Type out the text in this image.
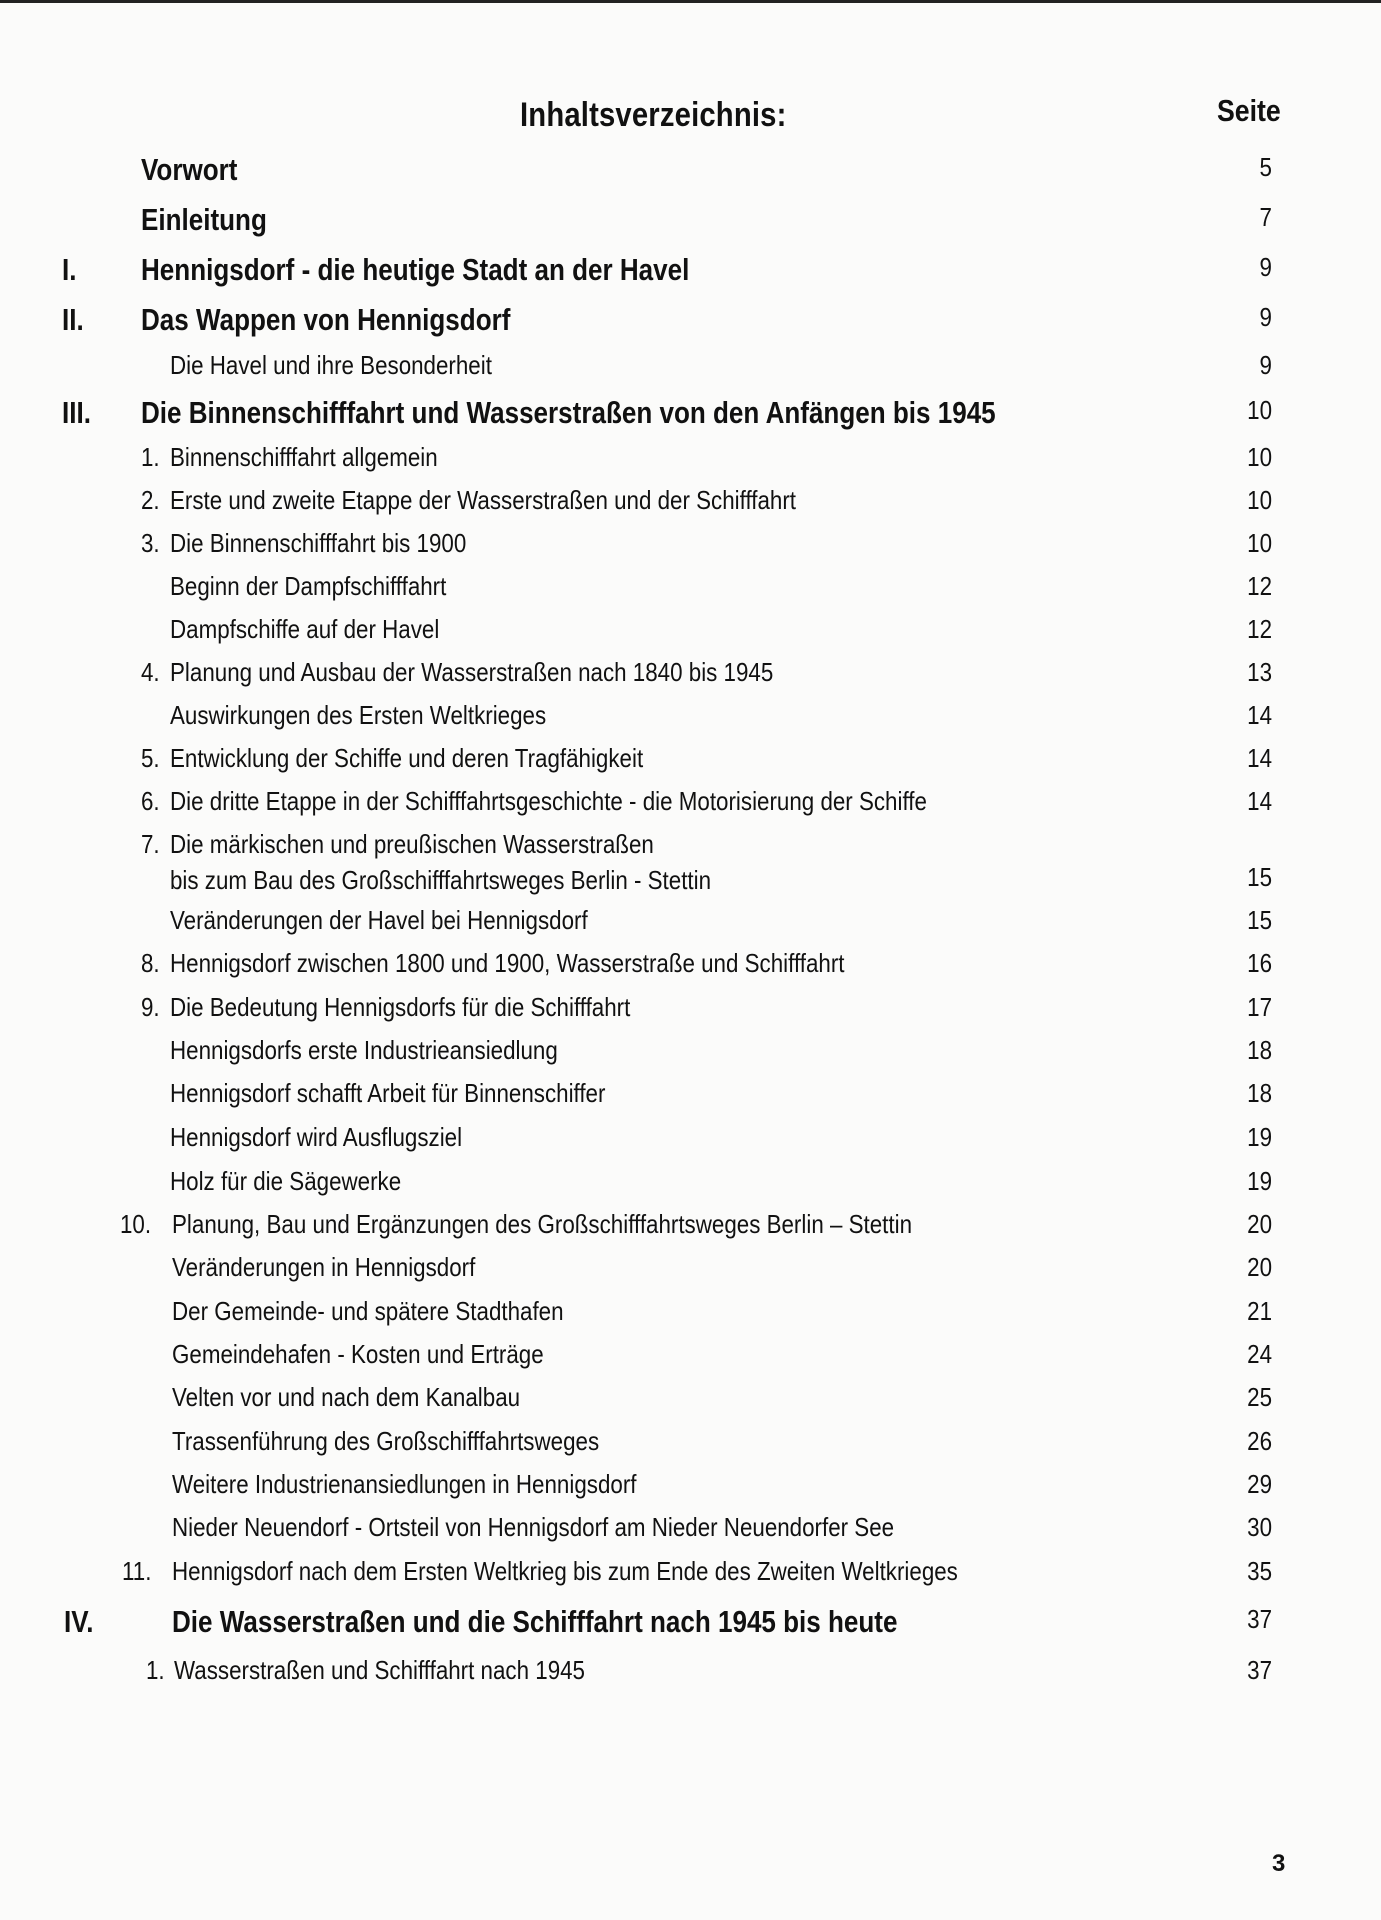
Inhaltsverzeichnis:	Seite
Vorwort	5
Einleitung	7
I. Hennigsdorf - die heutige Stadt an der Havel	9
II. Das Wappen von Hennigsdorf	9
Die Havel und ihre Besonderheit	9
III. Die Binnenschifffahrt und Wasserstraßen von den Anfängen bis 1945	10
1. Binnenschifffahrt allgemein	10
2. Erste und zweite Etappe der Wasserstraßen und der Schifffahrt	10
3. Die Binnenschifffahrt bis 1900	10
Beginn der Dampfschifffahrt	12
Dampfschiffe auf der Havel	12
4. Planung und Ausbau der Wasserstraßen nach 1840 bis 1945	13
Auswirkungen des Ersten Weltkrieges	14
5. Entwicklung der Schiffe und deren Tragfähigkeit	14
6. Die dritte Etappe in der Schifffahrtsgeschichte - die Motorisierung der Schiffe	14
7. Die märkischen und preußischen Wasserstraßen
bis zum Bau des Großschifffahrtsweges Berlin - Stettin	15
Veränderungen der Havel bei Hennigsdorf	15
8. Hennigsdorf zwischen 1800 und 1900, Wasserstraße und Schifffahrt	16
9. Die Bedeutung Hennigsdorfs für die Schifffahrt	17
Hennigsdorfs erste Industrieansiedlung	18
Hennigsdorf schafft Arbeit für Binnenschiffer	18
Hennigsdorf wird Ausflugsziel	19
Holz für die Sägewerke	19
10. Planung, Bau und Ergänzungen des Großschifffahrtsweges Berlin – Stettin	20
Veränderungen in Hennigsdorf	20
Der Gemeinde- und spätere Stadthafen	21
Gemeindehafen - Kosten und Erträge	24
Velten vor und nach dem Kanalbau	25
Trassenführung des Großschifffahrtsweges	26
Weitere Industrienansiedlungen in Hennigsdorf	29
Nieder Neuendorf - Ortsteil von Hennigsdorf am Nieder Neuendorfer See	30
11. Hennigsdorf nach dem Ersten Weltkrieg bis zum Ende des Zweiten Weltkrieges	35
IV.	Die Wasserstraßen und die Schifffahrt nach 1945 bis heute	37
1. Wasserstraßen und Schifffahrt nach 1945	37
3
